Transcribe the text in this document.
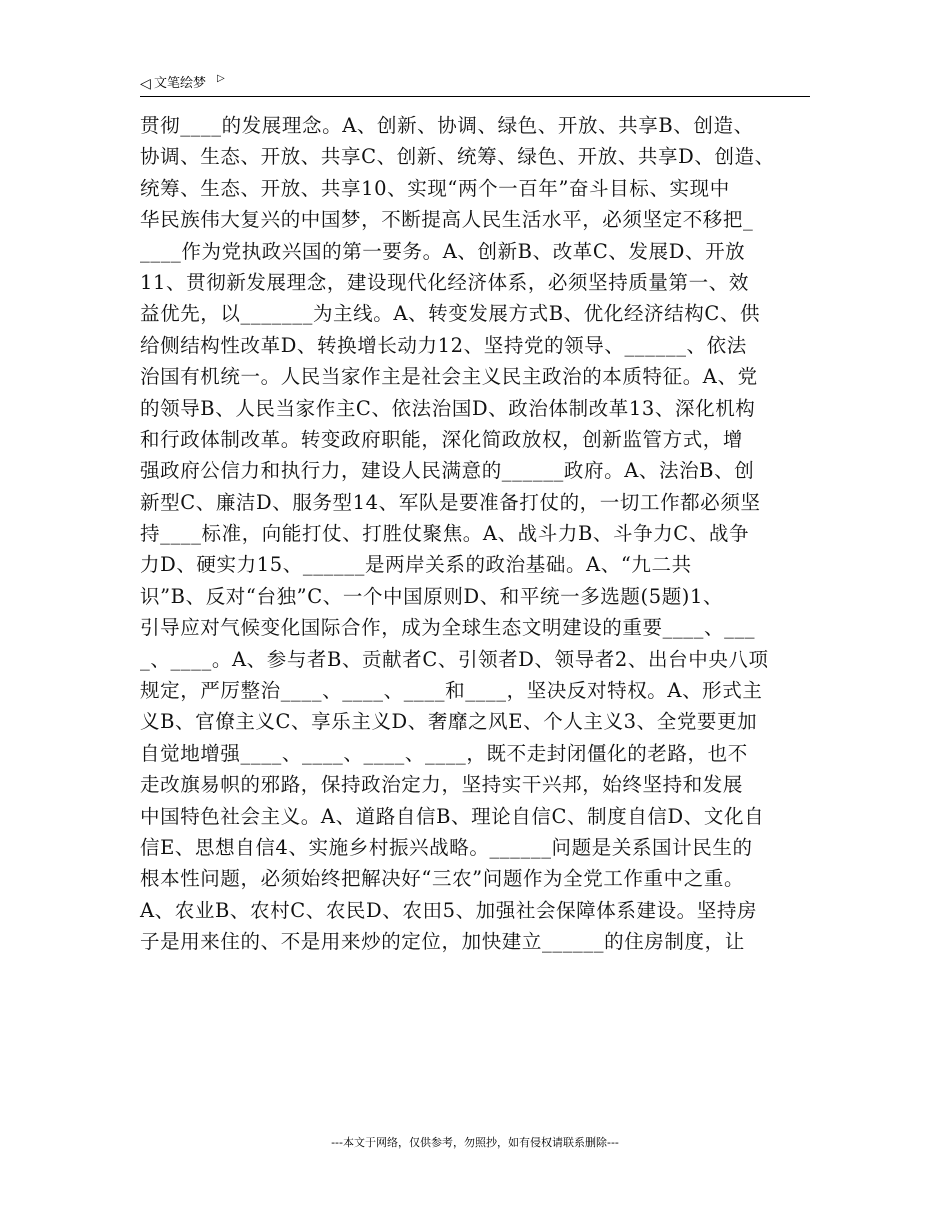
◁ 文笔绘梦 ▷
贯彻____的发展理念。A、创新、协调、绿色、开放、共享B、创造、
协调、生态、开放、共享C、创新、统筹、绿色、开放、共享D、创造、
统筹、生态、开放、共享10、实现“两个一百年”奋斗目标、实现中
华民族伟大复兴的中国梦，不断提高人民生活水平，必须坚定不移把_
____作为党执政兴国的第一要务。A、创新B、改革C、发展D、开放
11、贯彻新发展理念，建设现代化经济体系，必须坚持质量第一、效
益优先，以_______为主线。A、转变发展方式B、优化经济结构C、供
给侧结构性改革D、转换增长动力12、坚持党的领导、______、依法
治国有机统一。人民当家作主是社会主义民主政治的本质特征。A、党
的领导B、人民当家作主C、依法治国D、政治体制改革13、深化机构
和行政体制改革。转变政府职能，深化简政放权，创新监管方式，增
强政府公信力和执行力，建设人民满意的______政府。A、法治B、创
新型C、廉洁D、服务型14、军队是要准备打仗的，一切工作都必须坚
持____标准，向能打仗、打胜仗聚焦。A、战斗力B、斗争力C、战争
力D、硬实力15、______是两岸关系的政治基础。A、“九二共
识”B、反对“台独”C、一个中国原则D、和平统一多选题(5题)1、
引导应对气候变化国际合作，成为全球生态文明建设的重要____、___
_、____。A、参与者B、贡献者C、引领者D、领导者2、出台中央八项
规定，严厉整治____、____、____和____，坚决反对特权。A、形式主
义B、官僚主义C、享乐主义D、奢靡之风E、个人主义3、全党要更加
自觉地增强____、____、____、____，既不走封闭僵化的老路，也不
走改旗易帜的邪路，保持政治定力，坚持实干兴邦，始终坚持和发展
中国特色社会主义。A、道路自信B、理论自信C、制度自信D、文化自
信E、思想自信4、实施乡村振兴战略。______问题是关系国计民生的
根本性问题，必须始终把解决好“三农”问题作为全党工作重中之重。
A、农业B、农村C、农民D、农田5、加强社会保障体系建设。坚持房
子是用来住的、不是用来炒的定位，加快建立______的住房制度，让
---本文于网络，仅供参考，勿照抄，如有侵权请联系删除---
